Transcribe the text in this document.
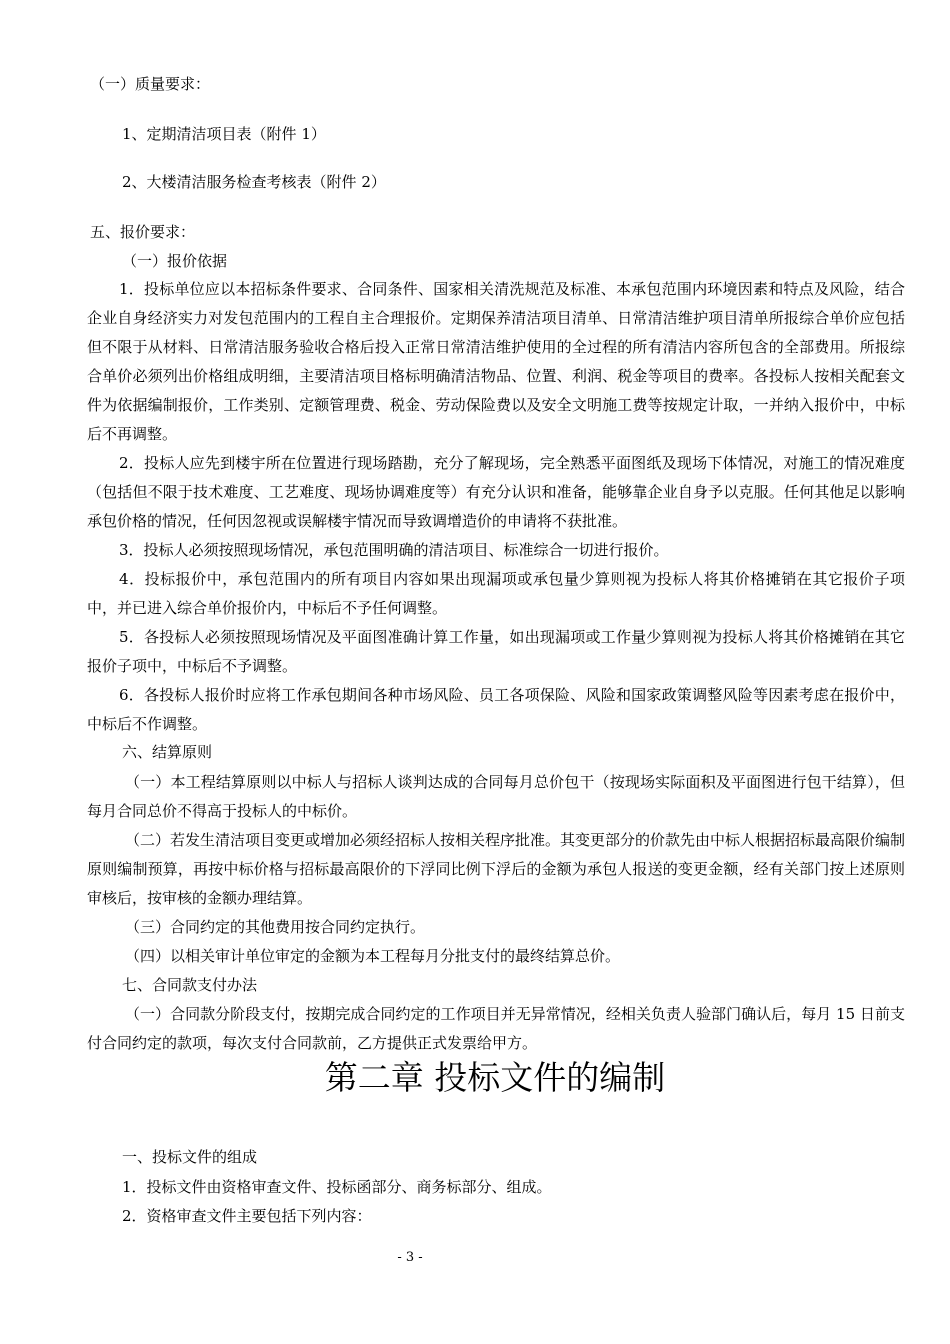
（一）质量要求：
1、定期清洁项目表（附件 1）
2、大楼清洁服务检查考核表（附件 2）
五、报价要求：
（一）报价依据
1．投标单位应以本招标条件要求、合同条件、国家相关清洗规范及标准、本承包范围内环境因素和特点及风险，结合企业自身经济实力对发包范围内的工程自主合理报价。定期保养清洁项目清单、日常清洁维护项目清单所报综合单价应包括但不限于从材料、日常清洁服务验收合格后投入正常日常清洁维护使用的全过程的所有清洁内容所包含的全部费用。所报综合单价必须列出价格组成明细，主要清洁项目格标明确清洁物品、位置、利润、税金等项目的费率。各投标人按相关配套文件为依据编制报价，工作类别、定额管理费、税金、劳动保险费以及安全文明施工费等按规定计取，一并纳入报价中，中标后不再调整。
2．投标人应先到楼宇所在位置进行现场踏勘，充分了解现场，完全熟悉平面图纸及现场下体情况，对施工的情况难度（包括但不限于技术难度、工艺难度、现场协调难度等）有充分认识和准备，能够靠企业自身予以克服。任何其他足以影响承包价格的情况，任何因忽视或误解楼宇情况而导致调增造价的申请将不获批准。
3．投标人必须按照现场情况，承包范围明确的清洁项目、标准综合一切进行报价。
4．投标报价中，承包范围内的所有项目内容如果出现漏项或承包量少算则视为投标人将其价格摊销在其它报价子项中，并已进入综合单价报价内，中标后不予任何调整。
5．各投标人必须按照现场情况及平面图准确计算工作量，如出现漏项或工作量少算则视为投标人将其价格摊销在其它报价子项中，中标后不予调整。
6．各投标人报价时应将工作承包期间各种市场风险、员工各项保险、风险和国家政策调整风险等因素考虑在报价中，中标后不作调整。
六、结算原则
（一）本工程结算原则以中标人与招标人谈判达成的合同每月总价包干（按现场实际面积及平面图进行包干结算），但每月合同总价不得高于投标人的中标价。
（二）若发生清洁项目变更或增加必须经招标人按相关程序批准。其变更部分的价款先由中标人根据招标最高限价编制原则编制预算，再按中标价格与招标最高限价的下浮同比例下浮后的金额为承包人报送的变更金额，经有关部门按上述原则审核后，按审核的金额办理结算。
（三）合同约定的其他费用按合同约定执行。
（四）以相关审计单位审定的金额为本工程每月分批支付的最终结算总价。
七、合同款支付办法
（一）合同款分阶段支付，按期完成合同约定的工作项目并无异常情况，经相关负责人验部门确认后，每月 15 日前支付合同约定的款项，每次支付合同款前，乙方提供正式发票给甲方。
第二章 投标文件的编制
一、投标文件的组成
1．投标文件由资格审查文件、投标函部分、商务标部分、组成。
2．资格审查文件主要包括下列内容：
- 3 -
